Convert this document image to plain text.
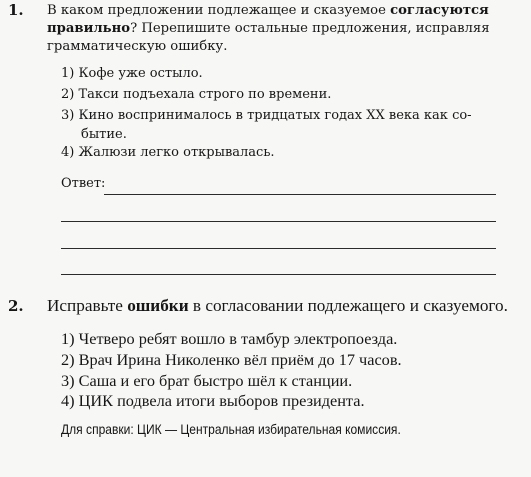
1. В каком предложении подлежащее и сказуемое согласуются правильно? Перепишите остальные предложения, исправляя грамматическую ошибку.

1) Кофе уже остыло.
2) Такси подъехала строго по времени.
3) Кино воспринималось в тридцатых годах XX века как со-
бытие.
4) Жалюзи легко открывалась.
Ответ:
2. Исправьте ошибки в согласовании подлежащего и сказуемого.
1) Четверо ребят вошло в тамбур электропоезда.
2) Врач Ирина Николенко вёл приём до 17 часов.
3) Саша и его брат быстро шёл к станции.
4) ЦИК подвела итоги выборов президента.
Для справки: ЦИК — Центральная избирательная комиссия.
